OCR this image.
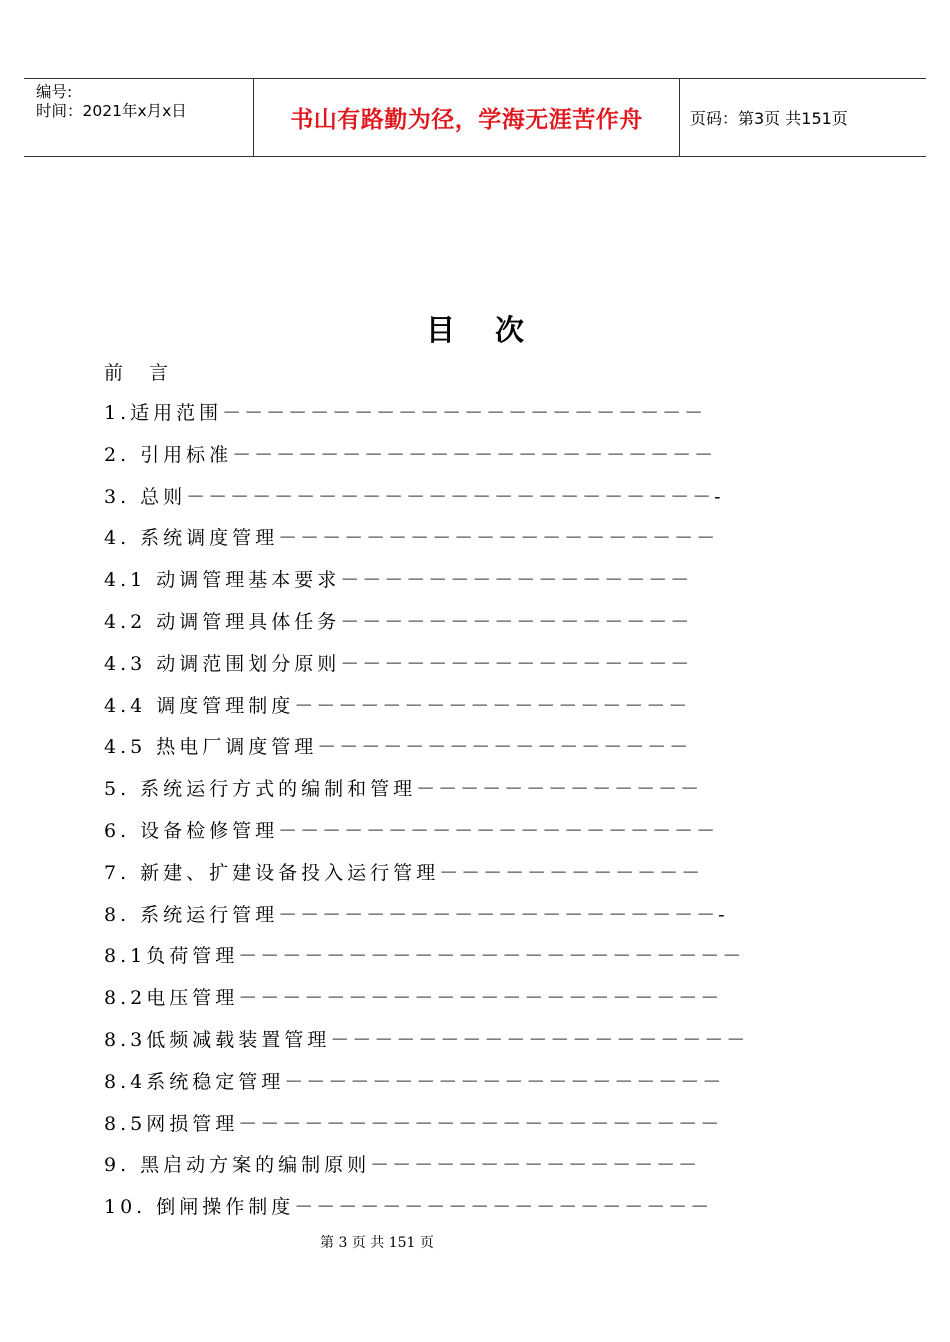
编号:
时间：2021年x月x日	书山有路勤为径，学海无涯苦作舟	页码：第3页 共151页
目次
前言
1.适用范围－－－－－－－－－－－－－－－－－－－－－－
2. 引用标准－－－－－－－－－－－－－－－－－－－－－－
3. 总则－－－－－－－－－－－－－－－－－－－－－－－－-
4. 系统调度管理－－－－－－－－－－－－－－－－－－－－
4.1 动调管理基本要求－－－－－－－－－－－－－－－－
4.2 动调管理具体任务－－－－－－－－－－－－－－－－
4.3 动调范围划分原则－－－－－－－－－－－－－－－－
4.4 调度管理制度－－－－－－－－－－－－－－－－－－
4.5 热电厂调度管理－－－－－－－－－－－－－－－－－
5. 系统运行方式的编制和管理－－－－－－－－－－－－－
6. 设备检修管理－－－－－－－－－－－－－－－－－－－－
7. 新建、扩建设备投入运行管理－－－－－－－－－－－－
8. 系统运行管理－－－－－－－－－－－－－－－－－－－－-
8.1负荷管理－－－－－－－－－－－－－－－－－－－－－－－
8.2电压管理－－－－－－－－－－－－－－－－－－－－－－
8.3低频减载装置管理－－－－－－－－－－－－－－－－－－－
8.4系统稳定管理－－－－－－－－－－－－－－－－－－－－
8.5网损管理－－－－－－－－－－－－－－－－－－－－－－
9. 黑启动方案的编制原则－－－－－－－－－－－－－－－
10. 倒闸操作制度－－－－－－－－－－－－－－－－－－－
第 3 页 共 151 页
